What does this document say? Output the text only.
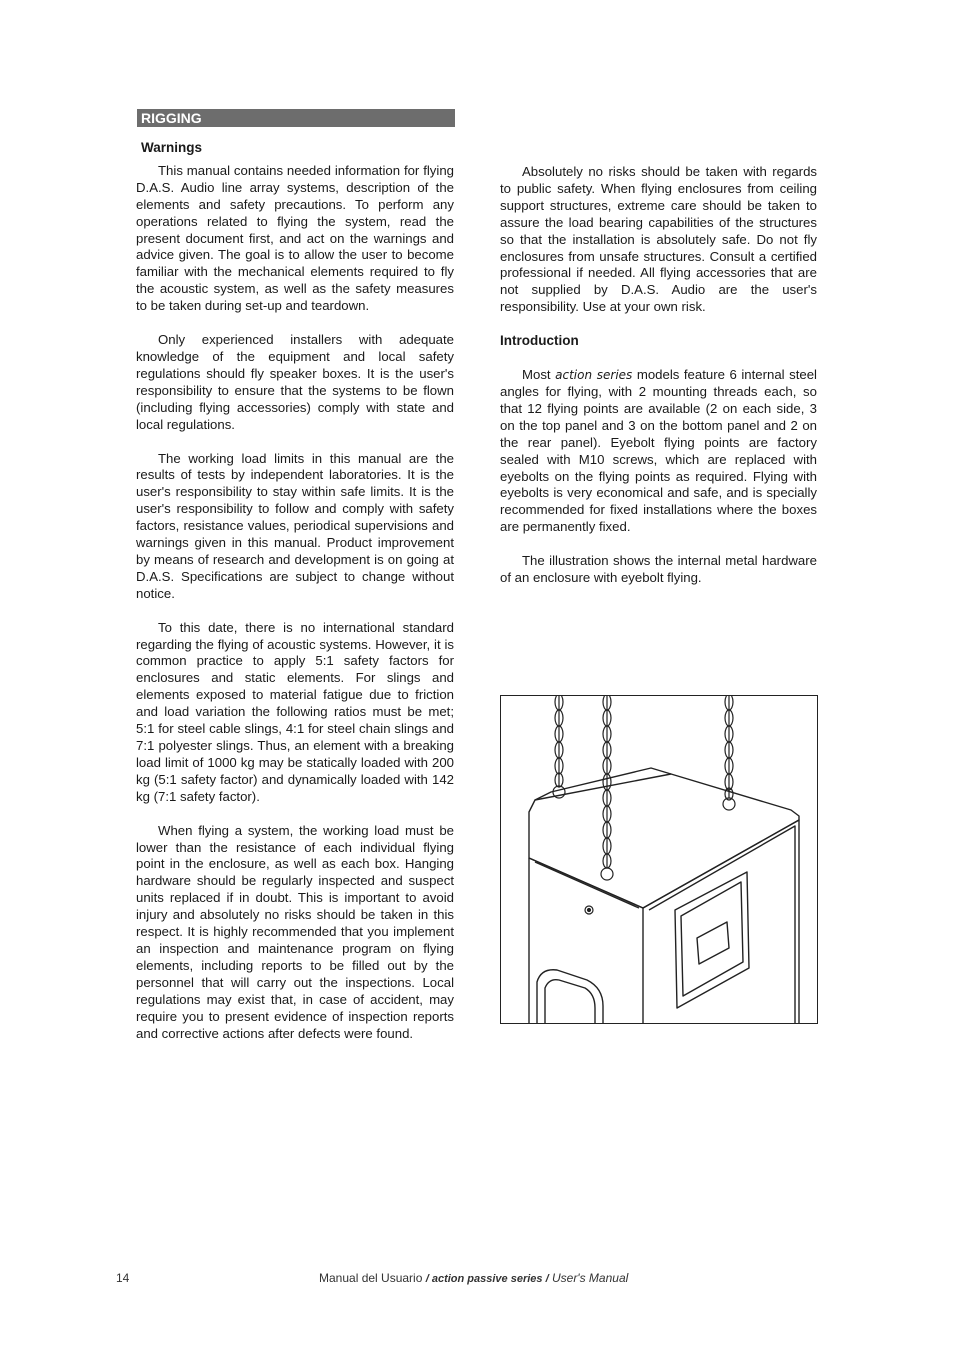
RIGGING
Warnings

This manual contains needed information for flying D.A.S. Audio line array systems, description of the elements and safety precautions. To perform any operations related to flying the system, read the present document first, and act on the warnings and advice given. The goal is to allow the user to become familiar with the mechanical elements required to fly the acoustic system, as well as the safety measures to be taken during set-up and teardown.

Only experienced installers with adequate knowledge of the equipment and local safety regulations should fly speaker boxes. It is the user's responsibility to ensure that the systems to be flown (including flying accessories) comply with state and local regulations.

The working load limits in this manual are the results of tests by independent laboratories. It is the user's responsibility to stay within safe limits. It is the user's responsibility to follow and comply with safety factors, resistance values, periodical supervisions and warnings given in this manual. Product improvement by means of research and development is on going at D.A.S. Specifications are subject to change without notice.

To this date, there is no international standard regarding the flying of acoustic systems. However, it is common practice to apply 5:1 safety factors for enclosures and static elements. For slings and elements exposed to material fatigue due to friction and load variation the following ratios must be met; 5:1 for steel cable slings, 4:1 for steel chain slings and 7:1 polyester slings. Thus, an element with a breaking load limit of 1000 kg may be statically loaded with 200 kg (5:1 safety factor) and dynamically loaded with 142 kg (7:1 safety factor).

When flying a system, the working load must be lower than the resistance of each individual flying point in the enclosure, as well as each box. Hanging hardware should be regularly inspected and suspect units replaced if in doubt. This is important to avoid injury and absolutely no risks should be taken in this respect. It is highly recommended that you implement an inspection and maintenance program on flying elements, including reports to be filled out by the personnel that will carry out the inspections. Local regulations may exist that, in case of accident, may require you to present evidence of inspection reports and corrective actions after defects were found.

Absolutely no risks should be taken with regards to public safety. When flying enclosures from ceiling support structures, extreme care should be taken to assure the load bearing capabilities of the structures so that the installation is absolutely safe. Do not fly enclosures from unsafe structures. Consult a certified professional if needed. All flying accessories that are not supplied by D.A.S. Audio are the user's responsibility. Use at your own risk.

Introduction

Most action series models feature 6 internal steel angles for flying, with 2 mounting threads each, so that 12 flying points are available (2 on each side, 3 on the top panel and 3 on the bottom panel and 2 on the rear panel). Eyebolt flying points are factory sealed with M10 screws, which are replaced with eyebolts on the flying points as required. Flying with eyebolts is very economical and safe, and is specially recommended for fixed installations where the boxes are permanently fixed.

The illustration shows the internal metal hardware of an enclosure with eyebolt flying.

14	Manual del Usuario / action passive series / User's Manual
